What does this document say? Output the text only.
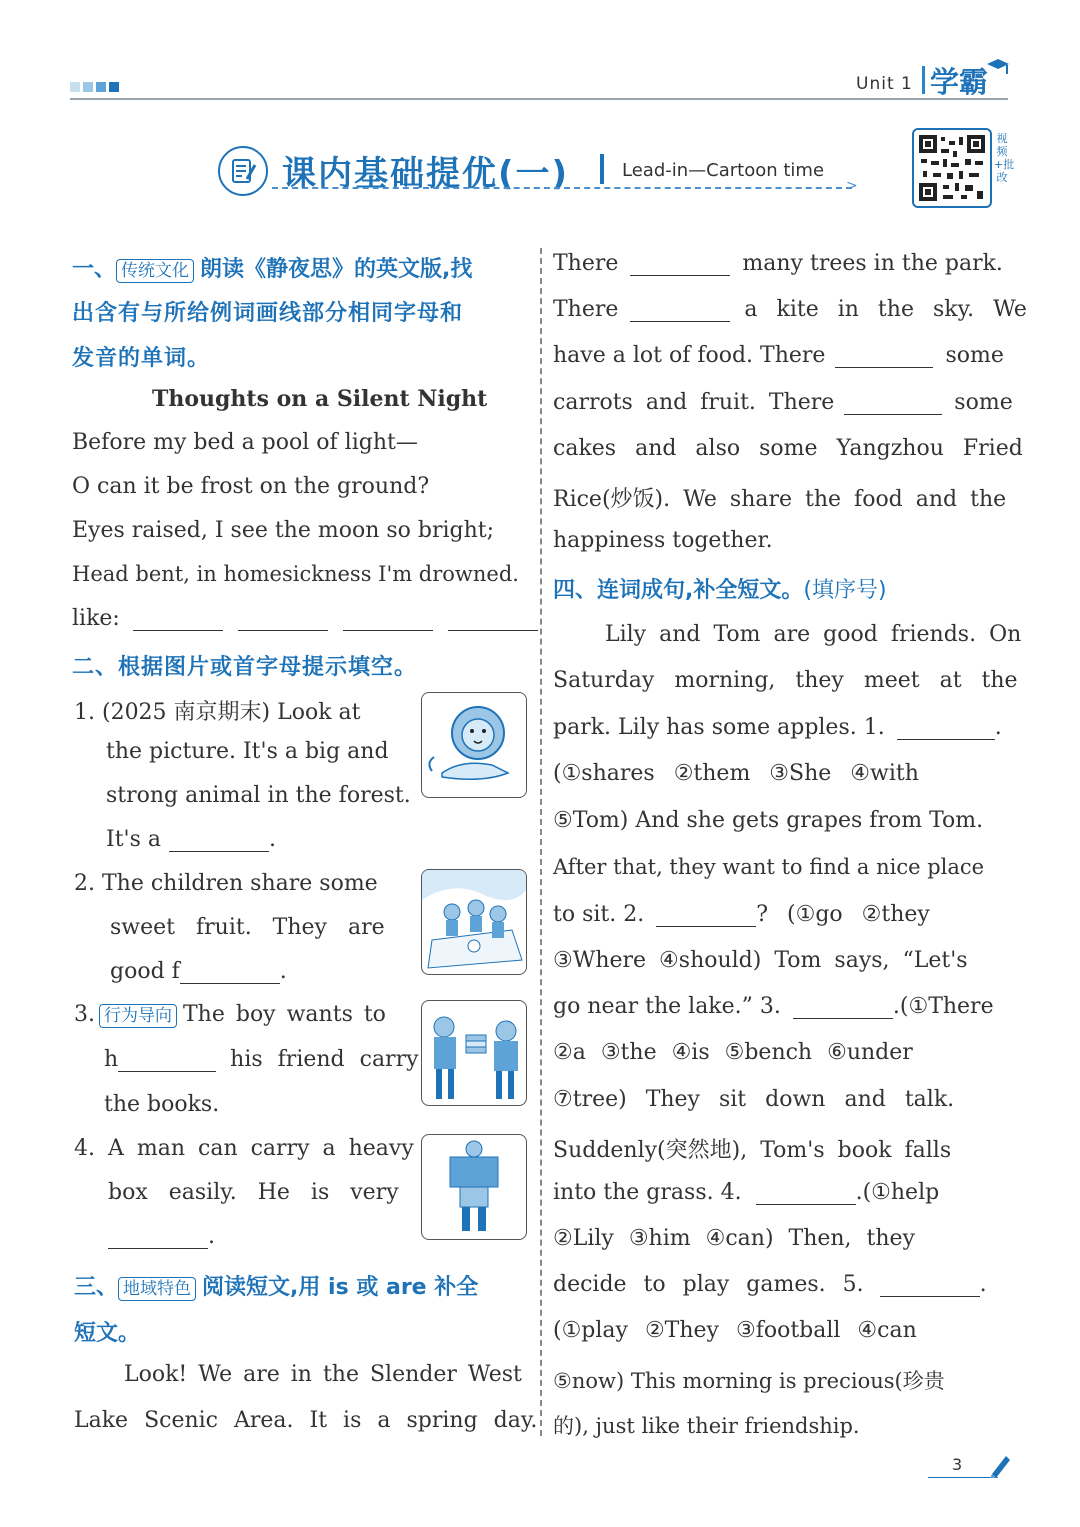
Unit 1 学霸
课内基础提优(一)	Lead-in—Cartoon time
>
视频+批改
一、 传统文化 朗读《静夜思》的英文版,找
出含有与所给例词画线部分相同字母和
发音的单词。
Thoughts on a Silent Night
Before my bed a pool of light—
O can it be frost on the ground?
Eyes raised, I see the moon so bright;
Head bent, in homesickness I'm drowned.
like:
二、根据图片或首字母提示填空。
1. (2025 南京期末) Look at
the picture. It's a big and
strong animal in the forest.
It's a	.
2. The children share some
sweet fruit. They are
good f	.
3. 行为导向 The boy wants to
h	his friend carry
the books.
4. A man can carry a heavy
box easily. He is very
.
三、 地域特色 阅读短文,用 is 或 are 补全
短文。
Look! We are in the Slender West
Lake Scenic Area. It is a spring day.
There	many trees in the park.
There	a kite in the sky. We
have a lot of food. There	some
carrots and fruit. There	some
cakes and also some Yangzhou Fried
Rice(炒饭). We share the food and the
happiness together.
四、连词成句,补全短文。(填序号)
Lily and Tom are good friends. On
Saturday morning, they meet at the
park. Lily has some apples. 1.	.
(①shares ②them ③She ④with
⑤Tom) And she gets grapes from Tom.
After that, they want to find a nice place
to sit. 2.	? (①go ②they
③Where ④should) Tom says, “Let's
go near the lake.” 3.	.(①There
②a ③the ④is ⑤bench ⑥under
⑦tree) They sit down and talk.
Suddenly(突然地), Tom's book falls
into the grass. 4.	.(①help
②Lily ③him ④can) Then, they
decide to play games. 5.	.
(①play ②They ③football ④can
⑤now) This morning is precious(珍贵
的), just like their friendship.
3
